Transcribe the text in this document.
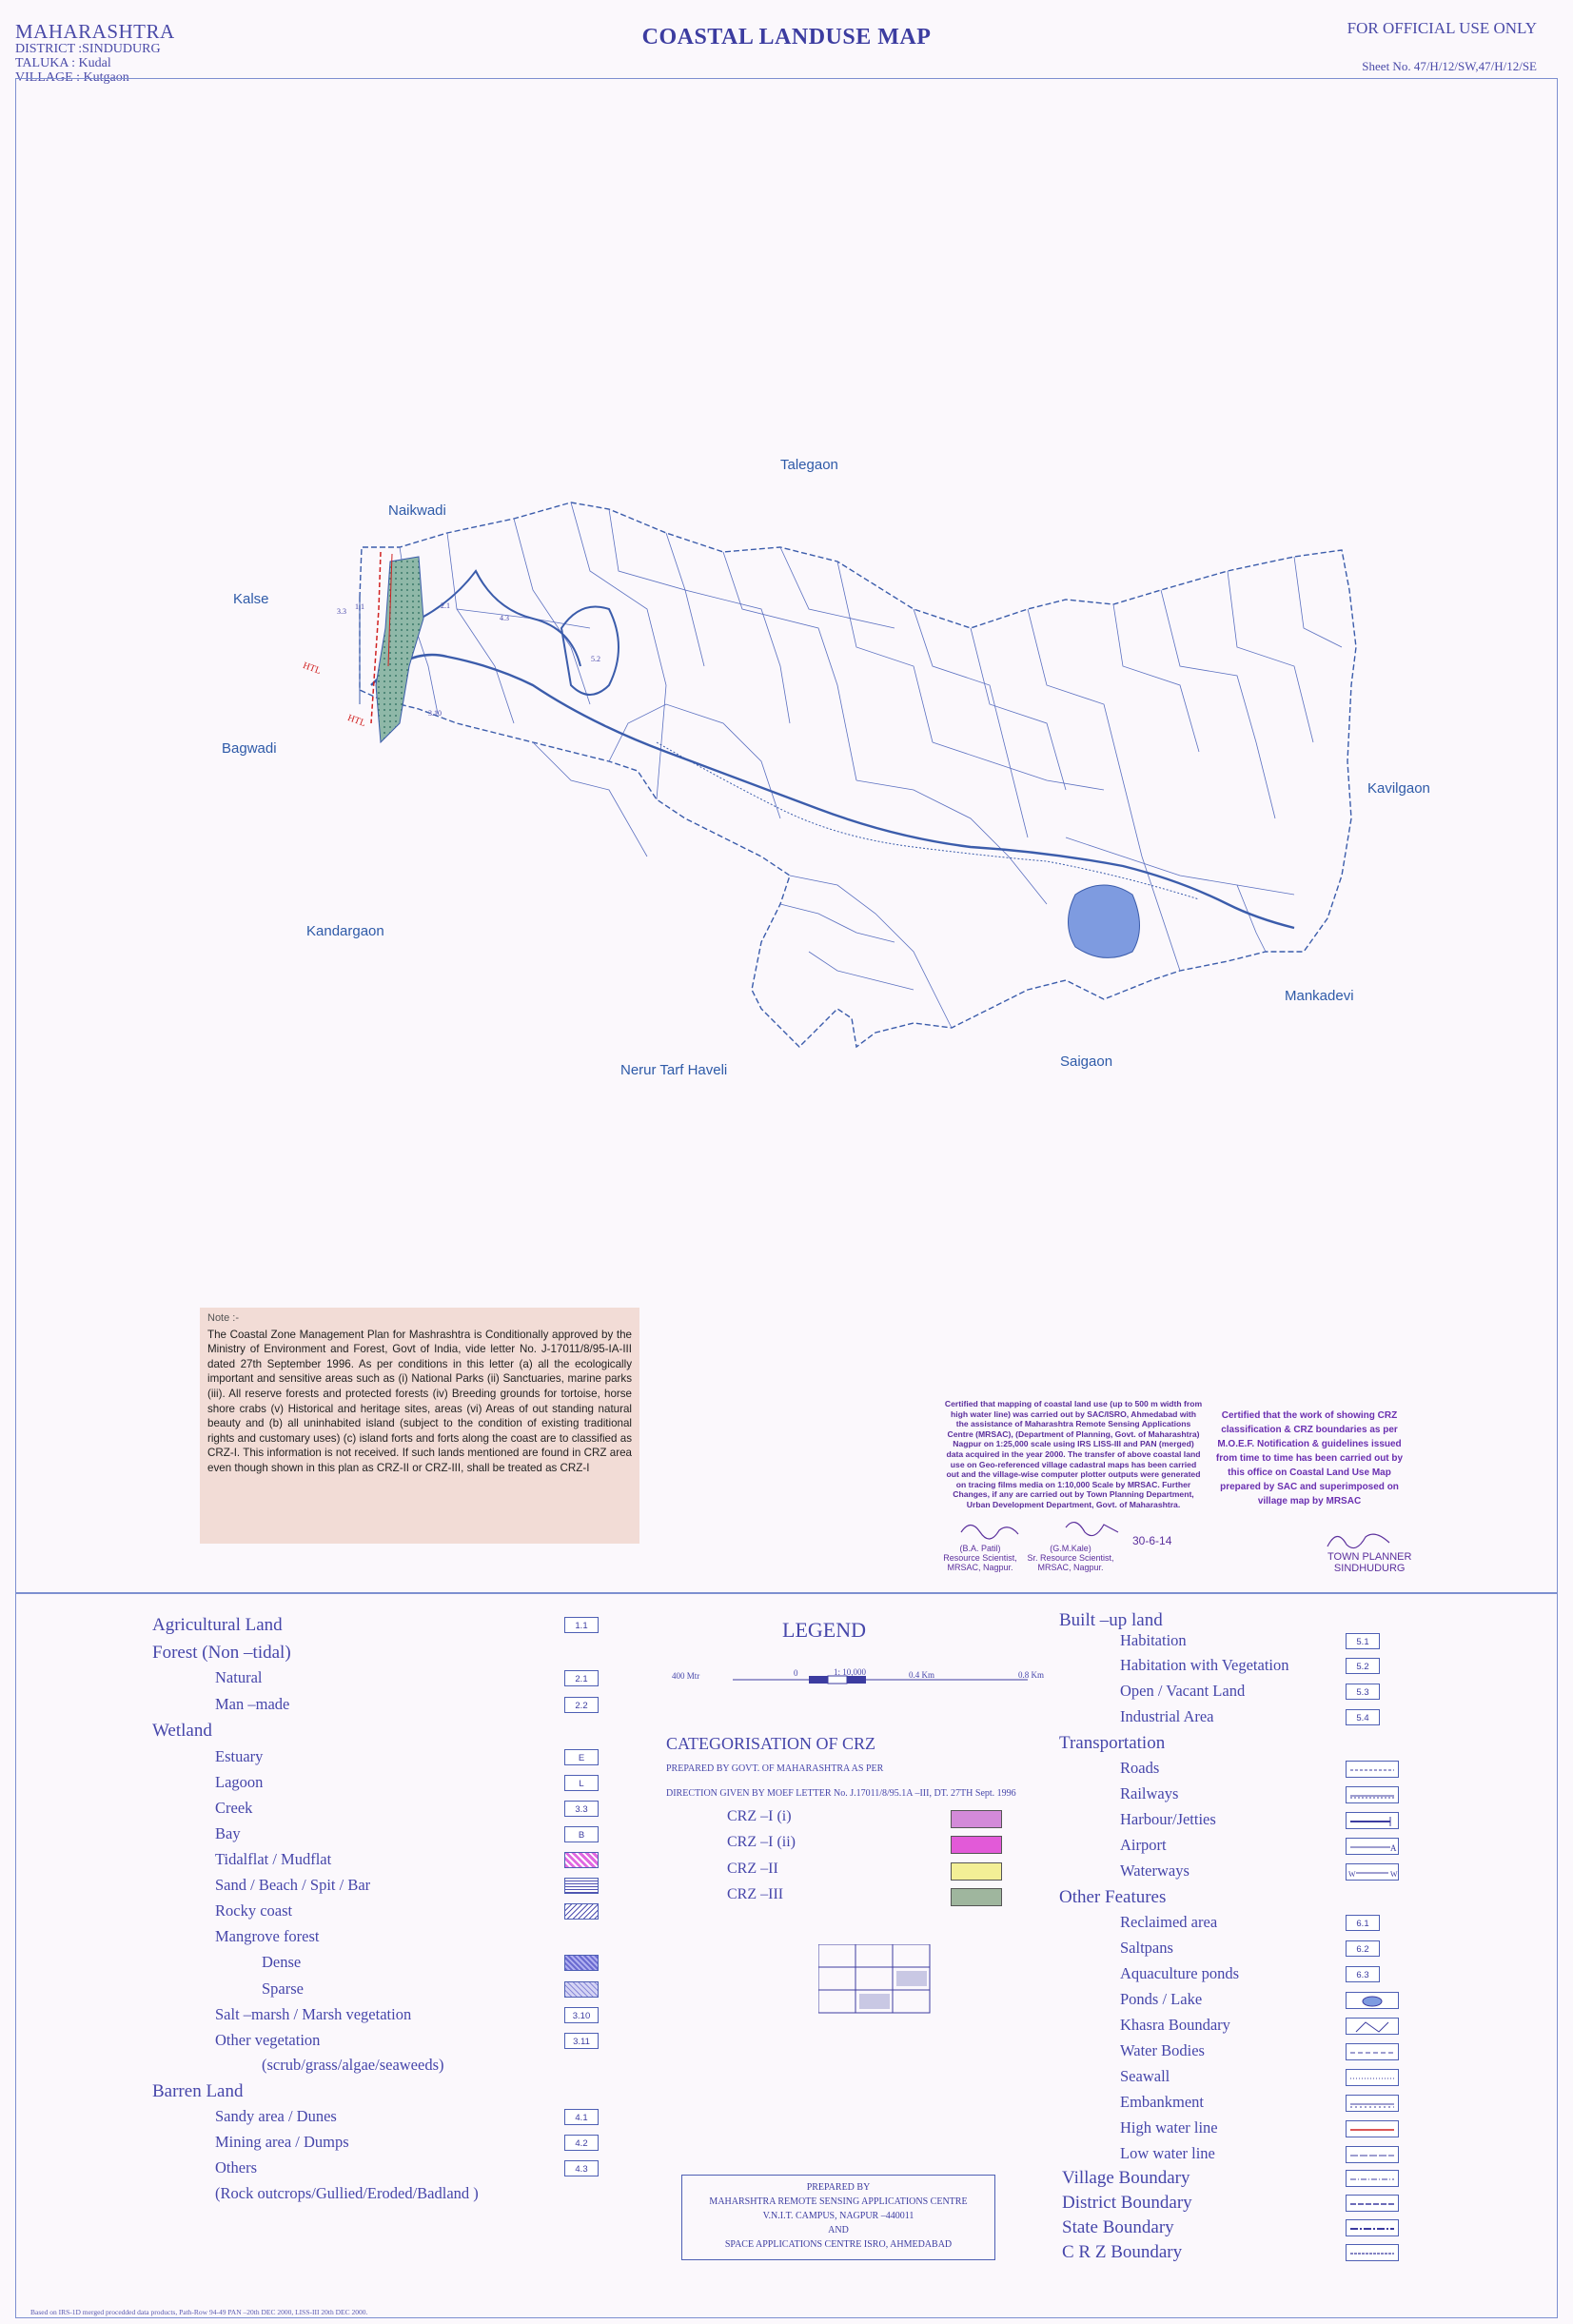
MAHARASHTRA
DISTRICT :SINDUDURG
TALUKA : Kudal
VILLAGE : Kutgaon
COASTAL LANDUSE MAP	FOR OFFICIAL USE ONLY
Sheet No. 47/H/12/SW,47/H/12/SE
Talegaon
Naikwadi
Kalse
Bagwadi
Kavilgaon
Kandargaon
Mankadevi
Nerur Tarf Haveli
Saigaon
1.1
3.3
2.1
4.3
5.2
HTL
HTL	3.10
Note :-
The Coastal Zone Management Plan for Mashrashtra is Conditionally approved by the Ministry of Environment and Forest, Govt of India, vide letter No. J-17011/8/95-IA-III dated 27th September 1996. As per conditions in this letter (a) all the ecologically important and sensitive areas such as (i) National Parks (ii) Sanctuaries, marine parks (iii). All reserve forests and protected forests (iv) Breeding grounds for tortoise, horse shore crabs (v) Historical and heritage sites, areas (vi) Areas of out standing natural beauty and (b) all uninhabited island (subject to the condition of existing traditional rights and customary uses) (c) island forts and forts along the coast are to classified as CRZ-I. This information is not received. If such lands mentioned are found in CRZ area even though shown in this plan as CRZ-II or CRZ-III, shall be treated as CRZ-I
Certified that mapping of coastal land use (up to 500 m width from high water line) was carried out by SAC/ISRO, Ahmedabad with the assistance of Maharashtra Remote Sensing Applications Centre (MRSAC), (Department of Planning, Govt. of Maharashtra) Nagpur on 1:25,000 scale using IRS LISS-III and PAN (merged) data acquired in the year 2000. The transfer of above coastal land use on Geo-referenced village cadastral maps has been carried out and the village-wise computer plotter outputs were generated on tracing films media on 1:10,000 Scale by MRSAC. Further Changes, if any are carried out by Town Planning Department, Urban Development Department, Govt. of Maharashtra.
(B.A. Patil)
Resource Scientist, MRSAC, Nagpur.
(G.M.Kale)
Sr. Resource Scientist, MRSAC, Nagpur.
30-6-14
Certified that the work of showing CRZ classification & CRZ boundaries as per M.O.E.F. Notification & guidelines issued from time to time has been carried out by this office on Coastal Land Use Map prepared by SAC and superimposed on village map by MRSAC
TOWN PLANNER
SINDHUDURG
LEGEND
400 Mtr	0	1: 10,000	0.4 Km	0.8 Km
CATEGORISATION OF CRZ
PREPARED BY GOVT. OF MAHARASHTRA AS PER
DIRECTION GIVEN BY MOEF LETTER No. J.17011/8/95.1A –III, DT. 27TH Sept. 1996
CRZ –I (i)
CRZ –I (ii)
CRZ –II
CRZ –III
PREPARED BY
MAHARSHTRA REMOTE SENSING APPLICATIONS CENTRE
V.N.I.T. CAMPUS, NAGPUR –440011
AND
SPACE APPLICATIONS CENTRE ISRO, AHMEDABAD
Agricultural Land	1.1
Forest (Non –tidal)
Natural	2.1
Man –made	2.2
Wetland
Estuary	E
Lagoon	L
Creek	3.3
Bay	B
Tidalflat / Mudflat
Sand / Beach / Spit / Bar
Rocky coast
Mangrove forest
Dense
Sparse
Salt –marsh / Marsh vegetation	3.10
Other vegetation	3.11
(scrub/grass/algae/seaweeds)
Barren Land
Sandy area / Dunes	4.1
Mining area / Dumps	4.2
Others	4.3
(Rock outcrops/Gullied/Eroded/Badland )
Built –up land
Habitation	5.1
Habitation with Vegetation	5.2
Open / Vacant Land	5.3
Industrial Area	5.4
Transportation
Roads
Railways
Harbour/Jetties
Airport	A
Waterways	W	W
Other Features
Reclaimed area	6.1
Saltpans	6.2
Aquaculture ponds	6.3
Ponds / Lake
Khasra Boundary
Water Bodies
Seawall
Embankment
High water line
Low water line
Village Boundary
District Boundary
State Boundary
C R Z Boundary
Based on IRS-1D merged procedded data products, Path-Row 94-49 PAN –20th DEC 2000, LISS-III 20th DEC 2000.
